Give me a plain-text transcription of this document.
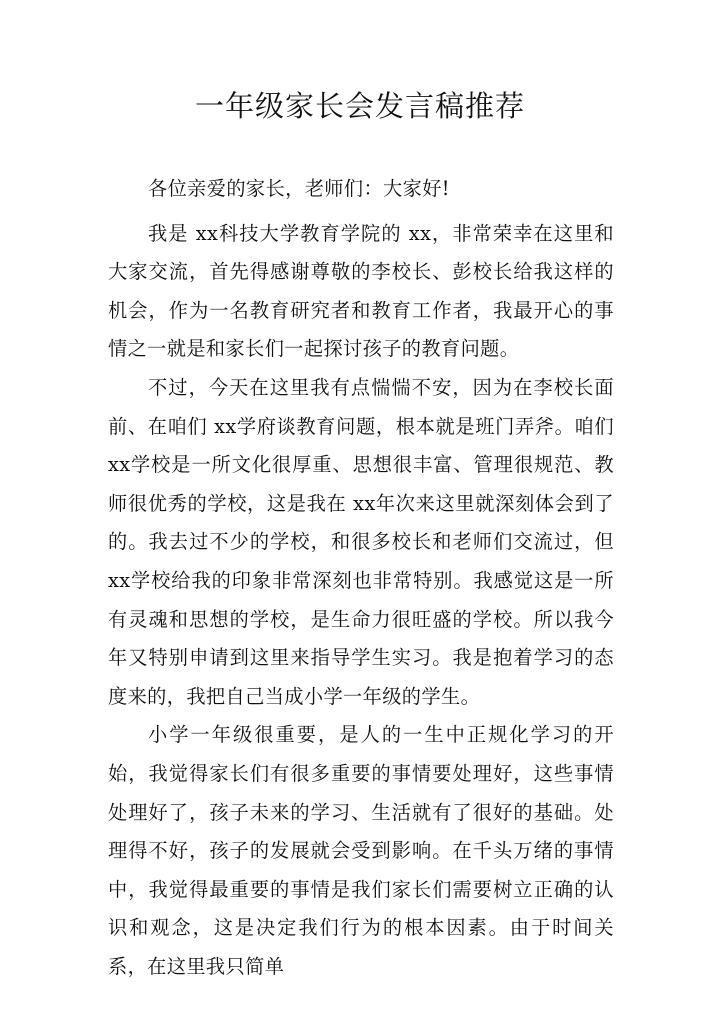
一年级家长会发言稿推荐

各位亲爱的家长，老师们：大家好!

我是 xx科技大学教育学院的 xx，非常荣幸在这里和大家交流，首先得感谢尊敬的李校长、彭校长给我这样的机会，作为一名教育研究者和教育工作者，我最开心的事情之一就是和家长们一起探讨孩子的教育问题。

不过，今天在这里我有点惴惴不安，因为在李校长面前、在咱们 xx学府谈教育问题，根本就是班门弄斧。咱们 xx学校是一所文化很厚重、思想很丰富、管理很规范、教师很优秀的学校，这是我在 xx年次来这里就深刻体会到了的。我去过不少的学校，和很多校长和老师们交流过，但 xx学校给我的印象非常深刻也非常特别。我感觉这是一所有灵魂和思想的学校，是生命力很旺盛的学校。所以我今年又特别申请到这里来指导学生实习。我是抱着学习的态度来的，我把自己当成小学一年级的学生。

小学一年级很重要，是人的一生中正规化学习的开始，我觉得家长们有很多重要的事情要处理好，这些事情处理好了，孩子未来的学习、生活就有了很好的基础。处理得不好，孩子的发展就会受到影响。在千头万绪的事情中，我觉得最重要的事情是我们家长们需要树立正确的认识和观念，这是决定我们行为的根本因素。由于时间关系，在这里我只简单
